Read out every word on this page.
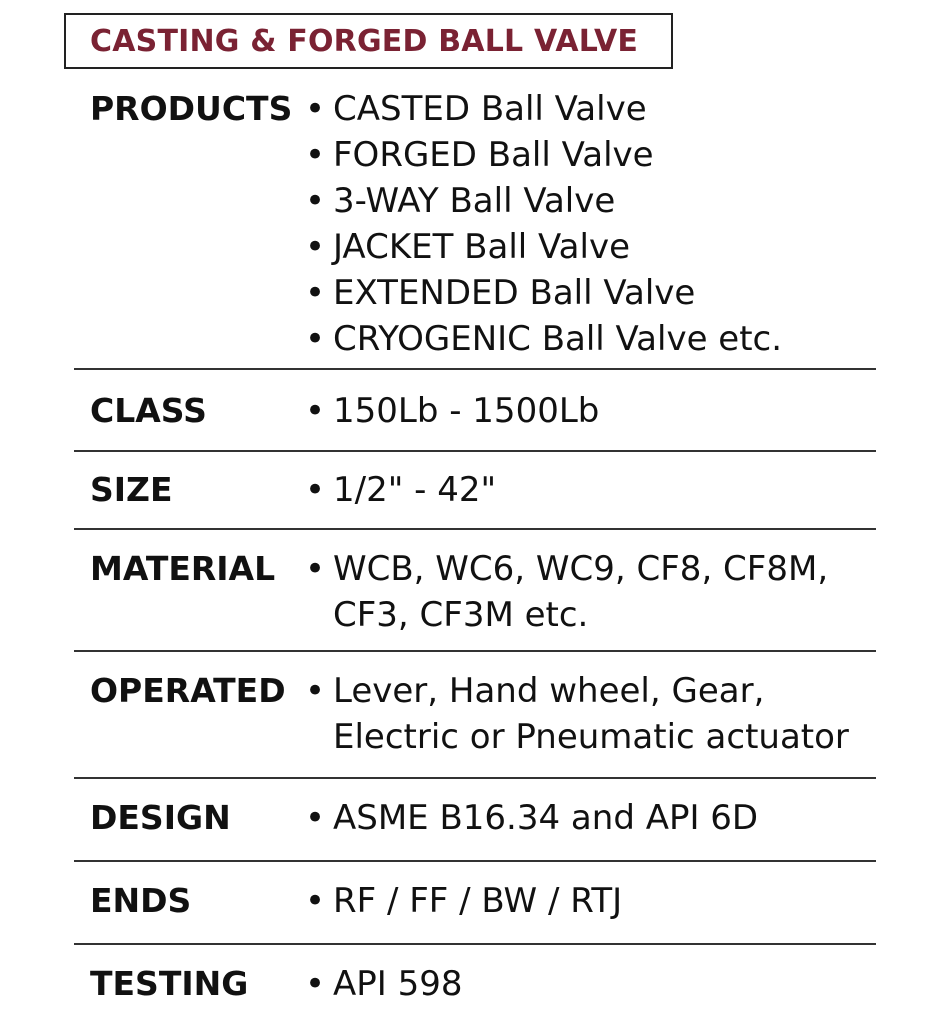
CASTING & FORGED BALL VALVE
PRODUCTS • CASTED Ball Valve
• FORGED Ball Valve
• 3-WAY Ball Valve
• JACKET Ball Valve
• EXTENDED Ball Valve
• CRYOGENIC Ball Valve etc.
CLASS	• 150Lb - 1500Lb
SIZE	• 1/2" - 42"
MATERIAL • WCB, WC6, WC9, CF8, CF8M,
CF3, CF3M etc.
OPERATED • Lever, Hand wheel, Gear,
Electric or Pneumatic actuator
DESIGN • ASME B16.34 and API 6D
ENDS	• RF / FF / BW / RTJ
TESTING • API 598
